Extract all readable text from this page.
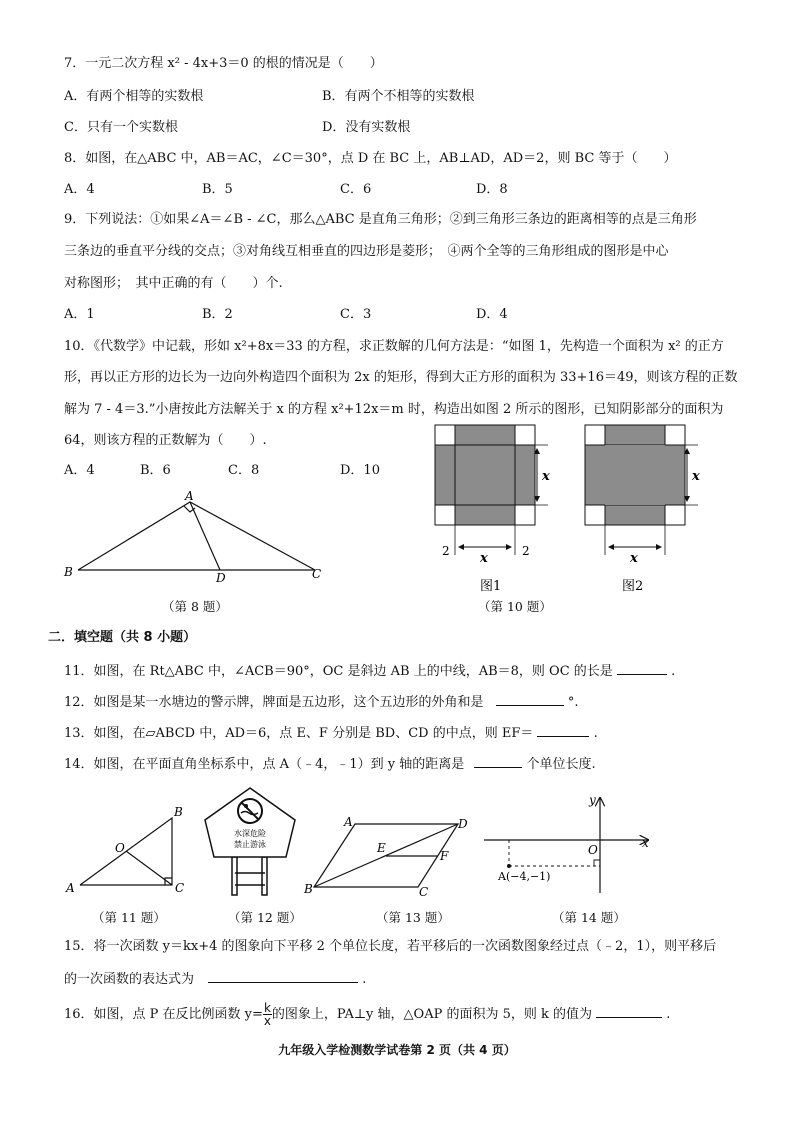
7．一元二次方程 x² - 4x+3＝0 的根的情况是（　　）
A．有两个相等的实数根	B．有两个不相等的实数根
C．只有一个实数根	D．没有实数根
8．如图，在△ABC 中，AB＝AC，∠C＝30°，点 D 在 BC 上，AB⊥AD，AD＝2，则 BC 等于（　　）
A．4	B．5	C．6	D．8
9．下列说法：①如果∠A＝∠B - ∠C，那么△ABC 是直角三角形；②到三角形三条边的距离相等的点是三角形
三条边的垂直平分线的交点；③对角线互相垂直的四边形是菱形；　④两个全等的三角形组成的图形是中心
对称图形；　其中正确的有（　　）个.
A．1	B．2	C．3	D．4
10．《代数学》中记载，形如 x²+8x＝33 的方程，求正数解的几何方法是：“如图 1，先构造一个面积为 x² 的正方
形，再以正方形的边长为一边向外构造四个面积为 2x 的矩形，得到大正方形的面积为 33+16＝49，则该方程的正数
解为 7 - 4＝3.”小唐按此方法解关于 x 的方程 x²+12x＝m 时，构造出如图 2 所示的图形，已知阴影部分的面积为
64，则该方程的正数解为（　　）.
A．4	B．6	C．8	D．10
A
B	C
D
（第 8 题）
x
x
2	2
图1
x
x
图2
（第 10 题）
二．填空题（共 8 小题）
11．如图，在 Rt△ABC 中，∠ACB＝90°，OC 是斜边 AB 上的中线，AB＝8，则 OC 的长是	.
12．如图是某一水塘边的警示牌，牌面是五边形，这个五边形的外角和是	°.
13．如图，在▱ABCD 中，AD＝6，点 E、F 分别是 BD、CD 的中点，则 EF＝	.
14．如图，在平面直角坐标系中，点 A（﹣4，﹣1）到 y 轴的距离是	个单位长度.
A
B
C
O
（第 11 题）
水深危险
禁止游泳
（第 12 题）
A
B	C
D
E
F
（第 13 题）
x
y
O
A(−4,−1)
（第 14 题）
15．将一次函数 y＝kx+4 的图象向下平移 2 个单位长度，若平移后的一次函数图象经过点（﹣2，1），则平移后
的一次函数的表达式为	.
16．如图，点 P 在反比例函数 $y= \frac{k}{x}$ 的图象上，PA⊥y 轴，△OAP 的面积为 5，则 k 的值为	.
九年级入学检测数学试卷第 2 页（共 4 页）
